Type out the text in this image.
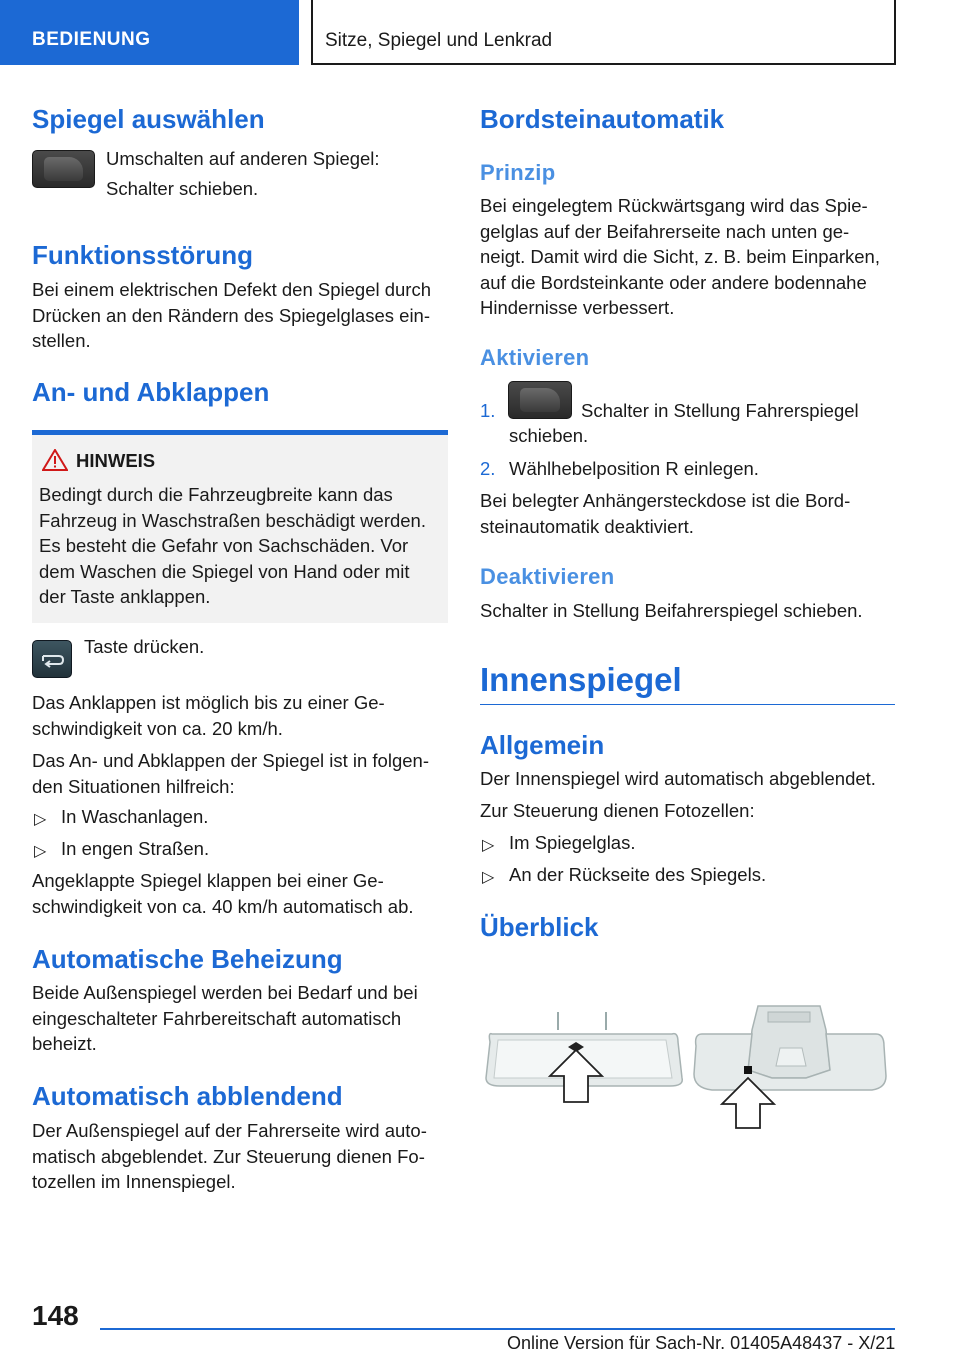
BEDIENUNG	Sitze, Spiegel und Lenkrad
Spiegel auswählen
Umschalten auf anderen Spiegel:
Schalter schieben.
Funktionsstörung
Bei einem elektrischen Defekt den Spiegel durch
Drücken an den Rändern des Spiegelglases ein-
stellen.
An- und Abklappen
HINWEIS
Bedingt durch die Fahrzeugbreite kann das
Fahrzeug in Waschstraßen beschädigt werden.
Es besteht die Gefahr von Sachschäden. Vor
dem Waschen die Spiegel von Hand oder mit
der Taste anklappen.
Taste drücken.
Das Anklappen ist möglich bis zu einer Ge-
schwindigkeit von ca. 20 km/h.
Das An- und Abklappen der Spiegel ist in folgen-
den Situationen hilfreich:
▷ In Waschanlagen.
▷ In engen Straßen.
Angeklappte Spiegel klappen bei einer Ge-
schwindigkeit von ca. 40 km/h automatisch ab.
Automatische Beheizung
Beide Außenspiegel werden bei Bedarf und bei
eingeschalteter Fahrbereitschaft automatisch
beheizt.
Automatisch abblendend
Der Außenspiegel auf der Fahrerseite wird auto-
matisch abgeblendet. Zur Steuerung dienen Fo-
tozellen im Innenspiegel.
Bordsteinautomatik
Prinzip
Bei eingelegtem Rückwärtsgang wird das Spie-
gelglas auf der Beifahrerseite nach unten ge-
neigt. Damit wird die Sicht, z. B. beim Einparken,
auf die Bordsteinkante oder andere bodennahe
Hindernisse verbessert.
Aktivieren
1.	Schalter in Stellung Fahrerspiegel
schieben.
2. Wählhebelposition R einlegen.
Bei belegter Anhängersteckdose ist die Bord-
steinautomatik deaktiviert.
Deaktivieren
Schalter in Stellung Beifahrerspiegel schieben.
Innenspiegel
Allgemein
Der Innenspiegel wird automatisch abgeblendet.
Zur Steuerung dienen Fotozellen:
▷ Im Spiegelglas.
▷ An der Rückseite des Spiegels.
Überblick
148
Online Version für Sach-Nr. 01405A48437 - X/21
